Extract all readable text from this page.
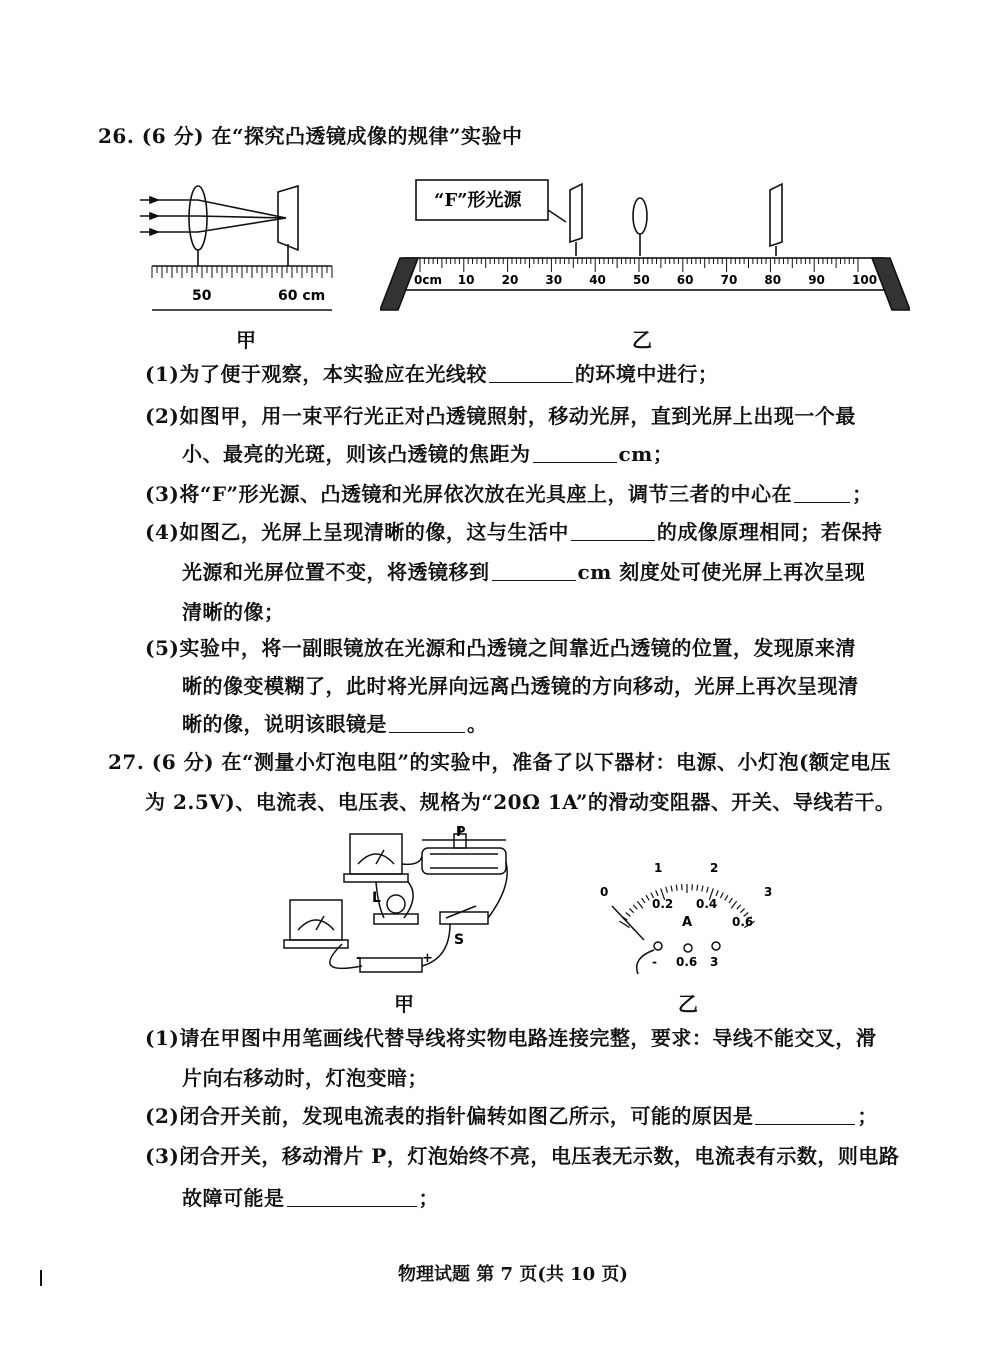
26. (6 分) 在“探究凸透镜成像的规律”实验中
50	60 cm
甲
0cm 10 20 30 40 50 60 70 80 90 100
“F”形光源
乙
(1)为了便于观察，本实验应在光线较	的环境中进行；
(2)如图甲，用一束平行光正对凸透镜照射，移动光屏，直到光屏上出现一个最
小、最亮的光斑，则该凸透镜的焦距为	cm；
(3)将“F”形光源、凸透镜和光屏依次放在光具座上，调节三者的中心在	；
(4)如图乙，光屏上呈现清晰的像，这与生活中	的成像原理相同；若保持
光源和光屏位置不变，将透镜移到	cm 刻度处可使光屏上再次呈现
清晰的像；
(5)实验中，将一副眼镜放在光源和凸透镜之间靠近凸透镜的位置，发现原来清
晰的像变模糊了，此时将光屏向远离凸透镜的方向移动，光屏上再次呈现清
晰的像，说明该眼镜是	。
27. (6 分) 在“测量小灯泡电阻”的实验中，准备了以下器材：电源、小灯泡(额定电压
为 2.5V)、电流表、电压表、规格为“20Ω 1A”的滑动变阻器、开关、导线若干。
P
L
S
-	+
甲
0
1	2
3
0.2 0.4
0.6
A
- 0.6 3
乙
(1)请在甲图中用笔画线代替导线将实物电路连接完整，要求：导线不能交叉，滑
片向右移动时，灯泡变暗；
(2)闭合开关前，发现电流表的指针偏转如图乙所示，可能的原因是	；
(3)闭合开关，移动滑片 P，灯泡始终不亮，电压表无示数，电流表有示数，则电路
故障可能是	；
物理试题 第 7 页(共 10 页)
